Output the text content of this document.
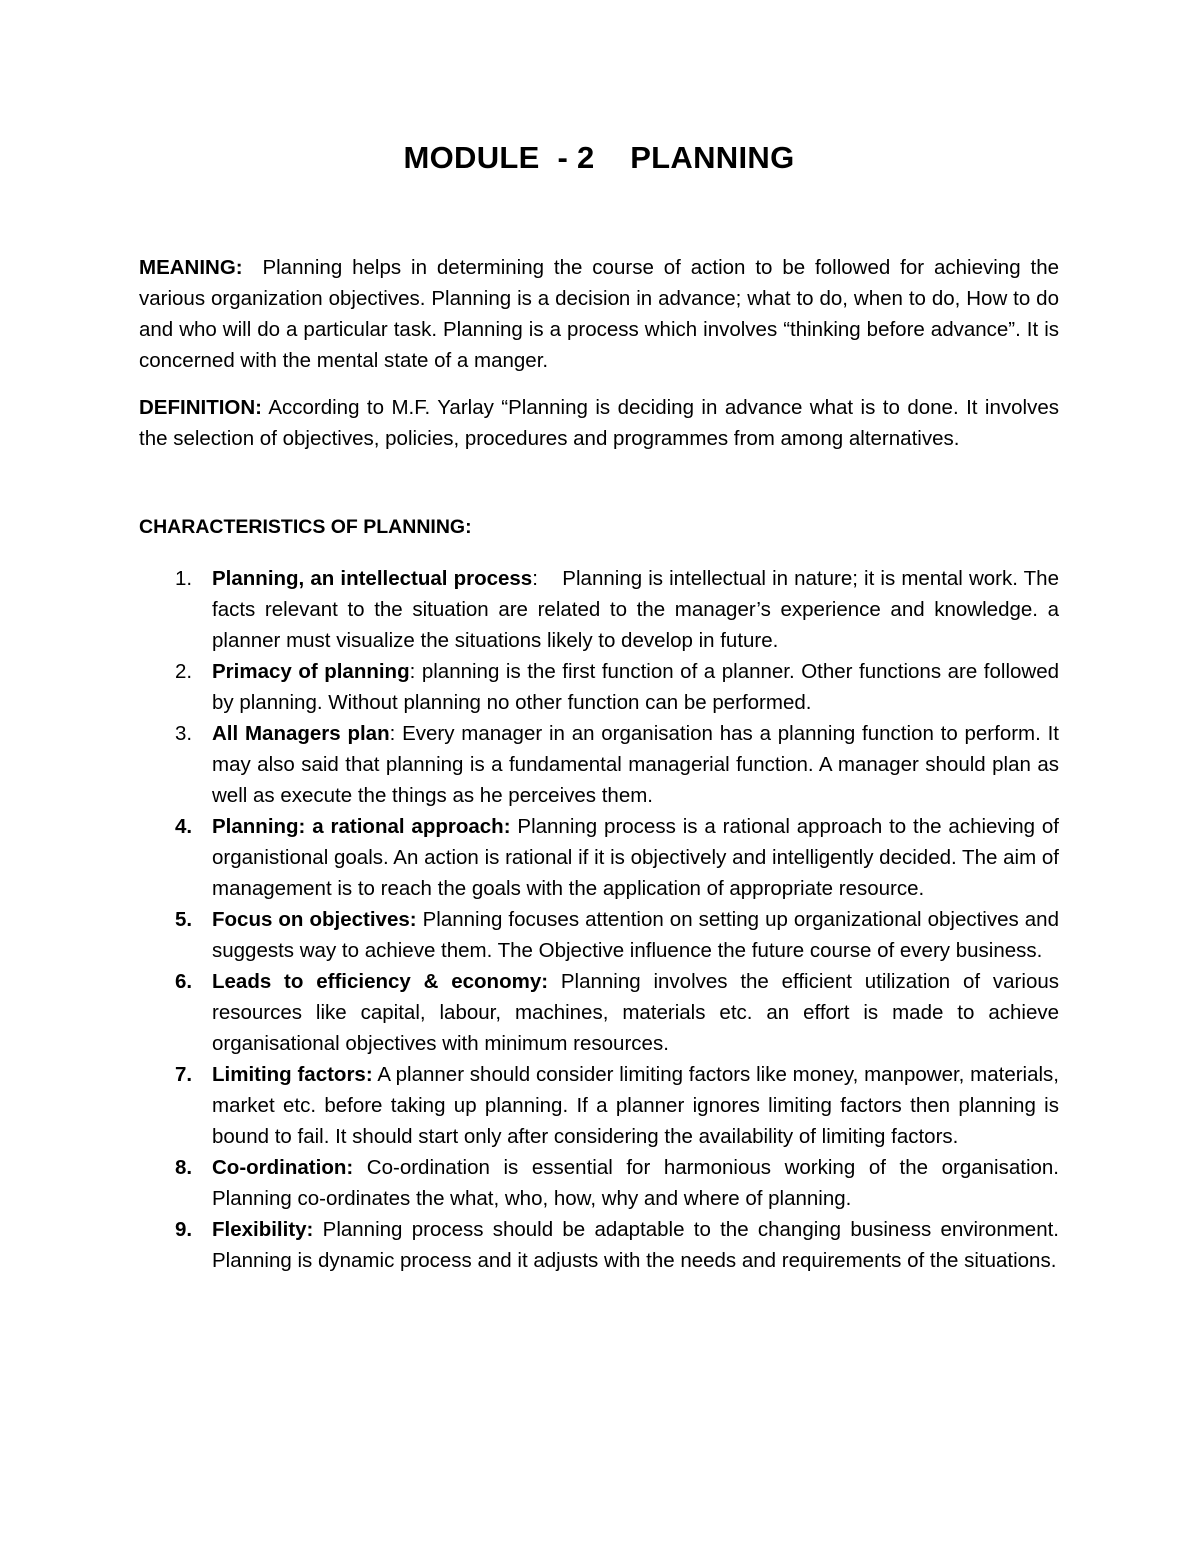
MODULE  - 2    PLANNING

MEANING:  Planning helps in determining the course of action to be followed for achieving the various organization objectives. Planning is a decision in advance; what to do, when to do, How to do and who will do a particular task. Planning is a process which involves “thinking before advance”. It is concerned with the mental state of a manger.

DEFINITION: According to M.F. Yarlay “Planning is deciding in advance what is to done. It involves the selection of objectives, policies, procedures and programmes from among alternatives.

CHARACTERISTICS OF PLANNING:
1. Planning, an intellectual process:    Planning is intellectual in nature; it is mental work. The facts relevant to the situation are related to the manager’s experience and knowledge. a planner must visualize the situations likely to develop in future.
2. Primacy of planning: planning is the first function of a planner. Other functions are followed by planning. Without planning no other function can be performed.
3. All Managers plan: Every manager in an organisation has a planning function to perform. It may also said that planning is a fundamental managerial function. A manager should plan as well as execute the things as he perceives them.
4. Planning: a rational approach: Planning process is a rational approach to the achieving of organistional goals. An action is rational if it is objectively and intelligently decided. The aim of management is to reach the goals with the application of appropriate resource.
5. Focus on objectives: Planning focuses attention on setting up organizational objectives and suggests way to achieve them. The Objective influence the future course of every business.
6. Leads to efficiency & economy: Planning involves the efficient utilization of various resources like capital, labour, machines, materials etc. an effort is made to achieve organisational objectives with minimum resources.
7. Limiting factors: A planner should consider limiting factors like money, manpower, materials, market etc. before taking up planning. If a planner ignores limiting factors then planning is bound to fail. It should start only after considering the availability of limiting factors.
8. Co-ordination: Co-ordination is essential for harmonious working of the organisation. Planning co-ordinates the what, who, how, why and where of planning.
9. Flexibility: Planning process should be adaptable to the changing business environment. Planning is dynamic process and it adjusts with the needs and requirements of the situations.
